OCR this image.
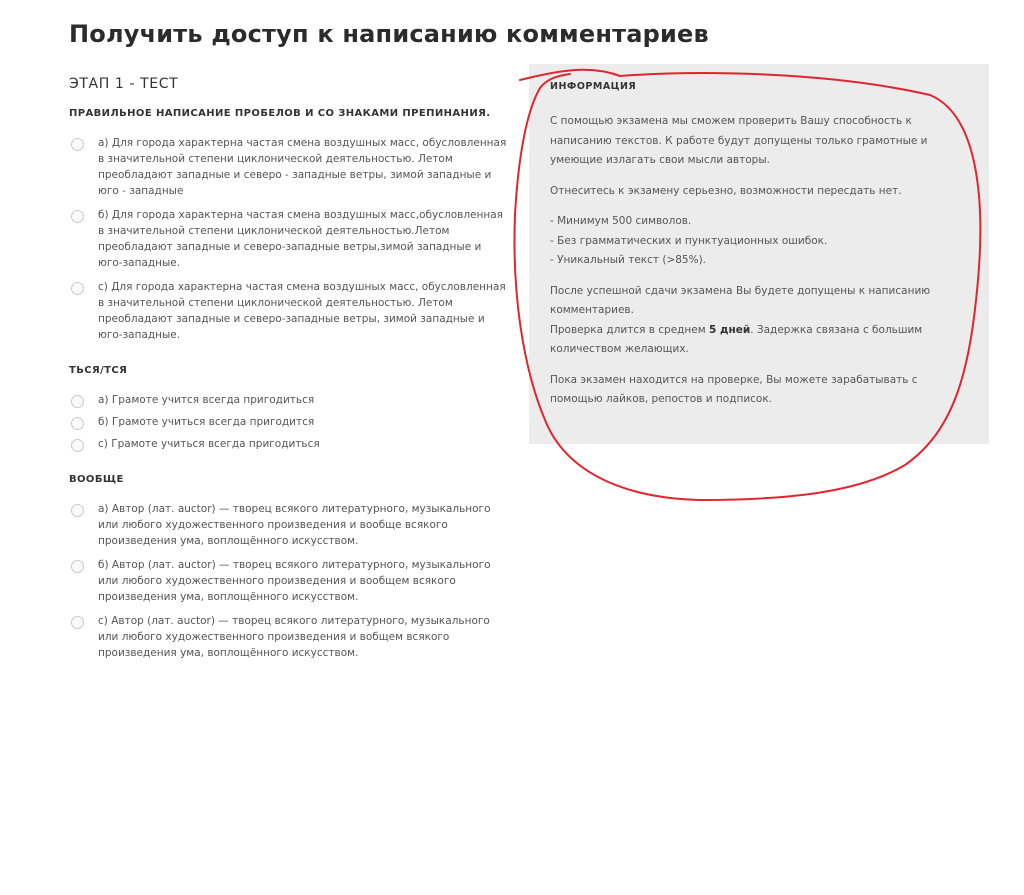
Получить доступ к написанию комментариев
ЭТАП 1 - ТЕСТ
ПРАВИЛЬНОЕ НАПИСАНИЕ ПРОБЕЛОВ И СО ЗНАКАМИ ПРЕПИНАНИЯ.
a) Для города характерна частая смена воздушных масс, обусловленная в значительной степени циклонической деятельностью. Летом преобладают западные и северо - западные ветры, зимой западные и юго - западные
б) Для города характерна частая смена воздушных масс,обусловленная в значительной степени циклонической деятельностью.Летом преобладают западные и северо-западные ветры,зимой западные и юго-западные.
c) Для города характерна частая смена воздушных масс, обусловленная в значительной степени циклонической деятельностью. Летом преобладают западные и северо-западные ветры, зимой западные и юго-западные.
ТЬСЯ/ТСЯ
a) Грамоте учится всегда пригодиться
б) Грамоте учиться всегда пригодится
c) Грамоте учиться всегда пригодиться
ВООБЩЕ
a) Автор (лат. auctor) — творец всякого литературного, музыкального или любого художественного произведения и вообще всякого произведения ума, воплощённого искусством.
б) Автор (лат. auctor) — творец всякого литературного, музыкального или любого художественного произведения и вообщем всякого произведения ума, воплощённого искусством.
c) Автор (лат. auctor) — творец всякого литературного, музыкального или любого художественного произведения и вобщем всякого произведения ума, воплощённого искусством.
ИНФОРМАЦИЯ

С помощью экзамена мы сможем проверить Вашу способность к написанию текстов. К работе будут допущены только грамотные и умеющие излагать свои мысли авторы.

Отнеситесь к экзамену серьезно, возможности пересдать нет.

- Минимум 500 символов.
- Без грамматических и пунктуационных ошибок.
- Уникальный текст (>85%).

После успешной сдачи экзамена Вы будете допущены к написанию комментариев.
Проверка длится в среднем 5 дней. Задержка связана с большим количеством желающих.

Пока экзамен находится на проверке, Вы можете зарабатывать с помощью лайков, репостов и подписок.
